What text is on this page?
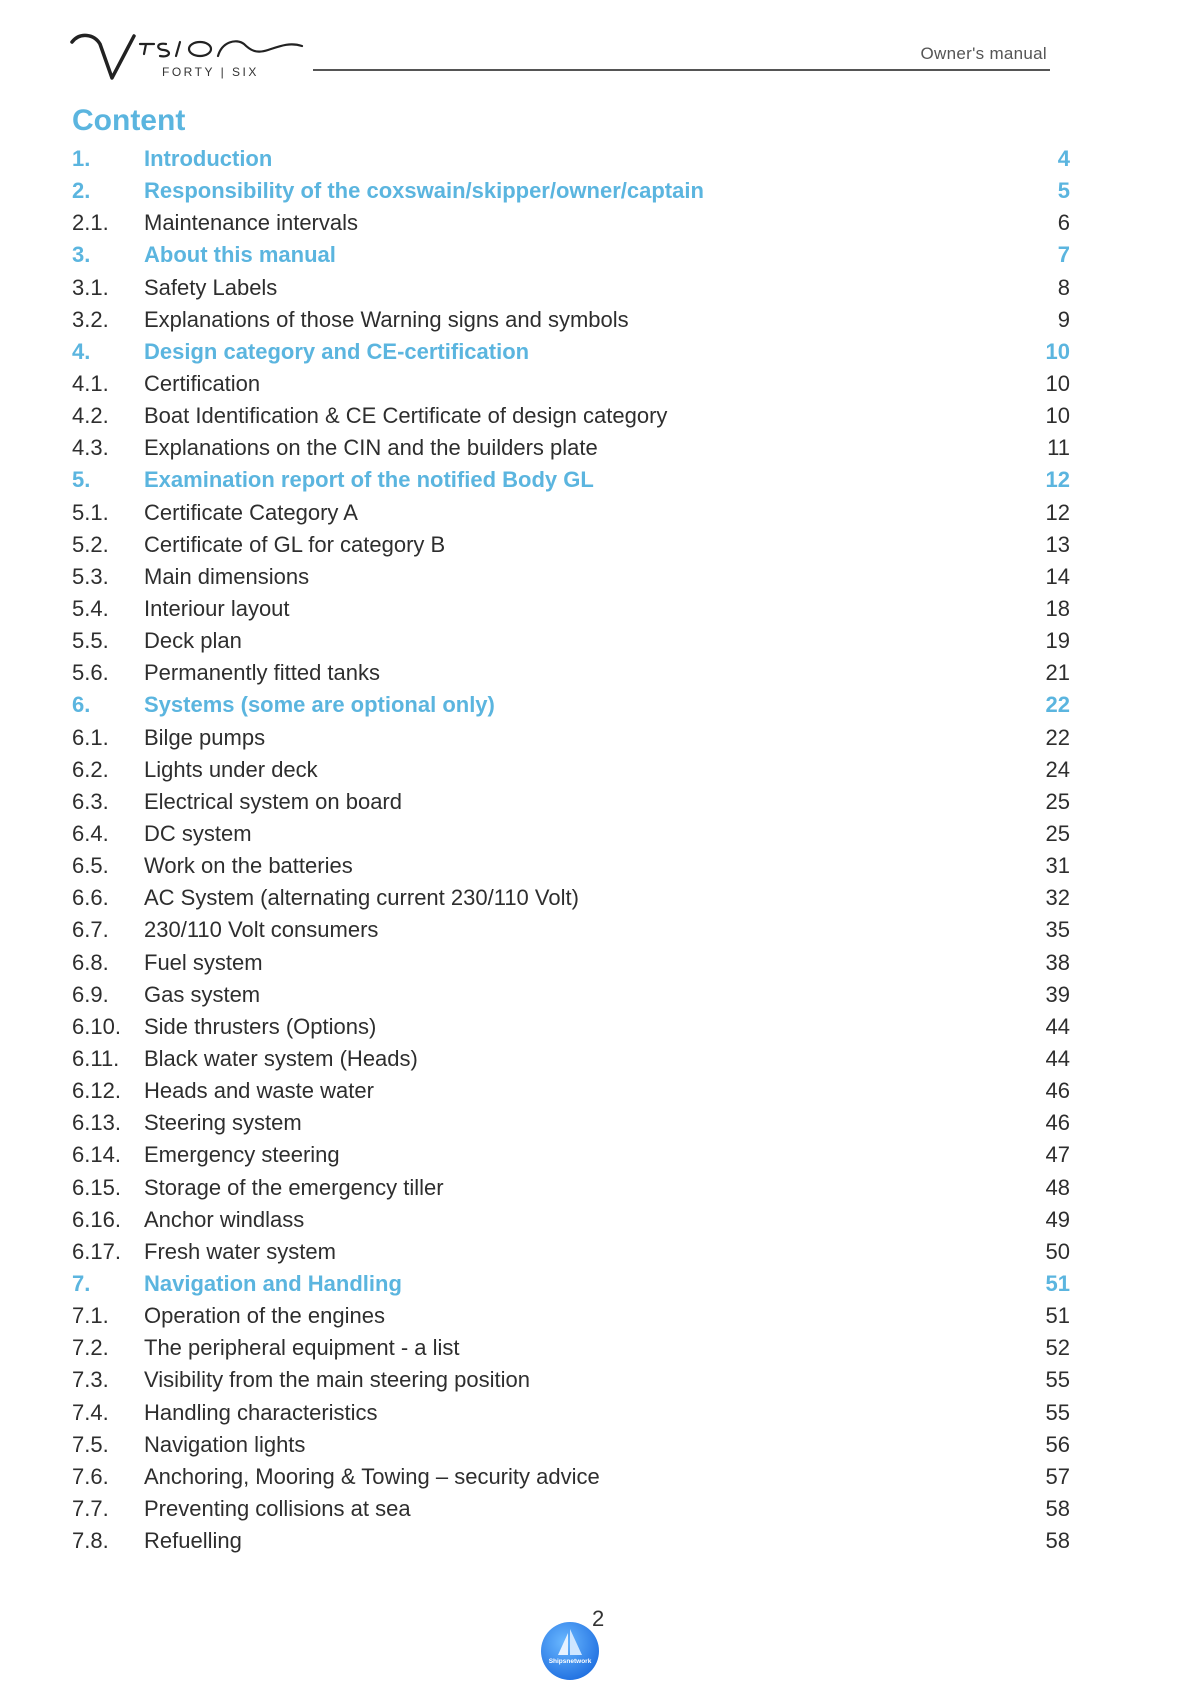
FORTY | SIX
Owner's manual
Content
1.	Introduction	4
2.	Responsibility of the coxswain/skipper/owner/captain	5
2.1.	Maintenance intervals	6
3.	About this manual	7
3.1.	Safety Labels	8
3.2.	Explanations of those Warning signs and symbols	9
4.	Design category and CE-certification	10
4.1.	Certification	10
4.2.	Boat Identification & CE Certificate of design category	10
4.3.	Explanations on the CIN and the builders plate	11
5.	Examination report of the notified Body GL	12
5.1.	Certificate Category A	12
5.2.	Certificate of GL for category B	13
5.3.	Main dimensions	14
5.4.	Interiour layout	18
5.5.	Deck plan	19
5.6.	Permanently fitted tanks	21
6.	Systems (some are optional only)	22
6.1.	Bilge pumps	22
6.2.	Lights under deck	24
6.3.	Electrical system on board	25
6.4.	DC system	25
6.5.	Work on the batteries	31
6.6.	AC System (alternating current 230/110 Volt)	32
6.7.	230/110 Volt consumers	35
6.8.	Fuel system	38
6.9.	Gas system	39
6.10.	Side thrusters (Options)	44
6.11.	Black water system (Heads)	44
6.12.	Heads and waste water	46
6.13.	Steering system	46
6.14.	Emergency steering	47
6.15.	Storage of the emergency tiller	48
6.16.	Anchor windlass	49
6.17.	Fresh water system	50
7.	Navigation and Handling	51
7.1.	Operation of the engines	51
7.2.	The peripheral equipment - a list	52
7.3.	Visibility from the main steering position	55
7.4.	Handling characteristics	55
7.5.	Navigation lights	56
7.6.	Anchoring, Mooring & Towing – security advice	57
7.7.	Preventing collisions at sea	58
7.8.	Refuelling	58
2
Shipsnetwork
